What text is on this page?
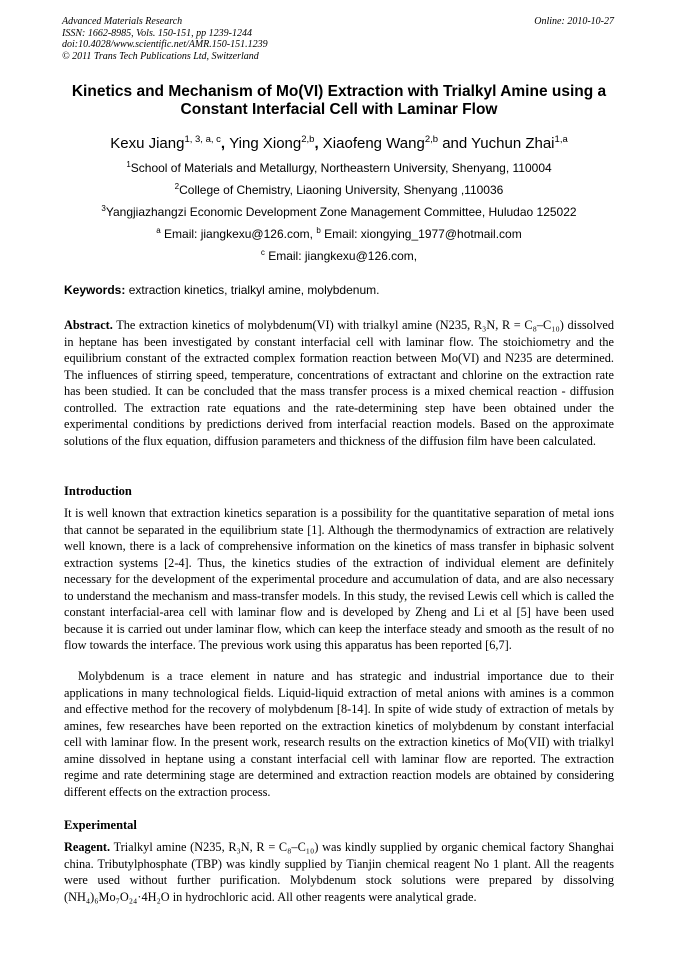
Advanced Materials Research
ISSN: 1662-8985, Vols. 150-151, pp 1239-1244
doi:10.4028/www.scientific.net/AMR.150-151.1239
© 2011 Trans Tech Publications Ltd, Switzerland
Online: 2010-10-27
Kinetics and Mechanism of Mo(VI) Extraction with Trialkyl Amine using a Constant Interfacial Cell with Laminar Flow
Kexu Jiang$^{1, 3, a, c}$, Ying Xiong$^{2,b}$, Xiaofeng Wang$^{2,b}$ and Yuchun Zhai$^{1,a}$
$^1$School of Materials and Metallurgy, Northeastern University, Shenyang, 110004
$^2$College of Chemistry, Liaoning University, Shenyang ,110036
$^3$Yangjiazhangzi Economic Development Zone Management Committee, Huludao 125022
$^a$ Email: jiangkexu@126.com, $^b$ Email: xiongying_1977@hotmail.com
$^c$ Email: jiangkexu@126.com,
Keywords: extraction kinetics, trialkyl amine, molybdenum.
Abstract. The extraction kinetics of molybdenum(VI) with trialkyl amine (N235, R₃N, R = C₈–C₁₀) dissolved in heptane has been investigated by constant interfacial cell with laminar flow. The stoichiometry and the equilibrium constant of the extracted complex formation reaction between Mo(VI) and N235 are determined. The influences of stirring speed, temperature, concentrations of extractant and chlorine on the extraction rate has been studied. It can be concluded that the mass transfer process is a mixed chemical reaction - diffusion controlled. The extraction rate equations and the rate-determining step have been obtained under the experimental conditions by predictions derived from interfacial reaction models. Based on the approximate solutions of the flux equation, diffusion parameters and thickness of the diffusion film have been calculated.
Introduction
It is well known that extraction kinetics separation is a possibility for the quantitative separation of metal ions that cannot be separated in the equilibrium state [1]. Although the thermodynamics of extraction are relatively well known, there is a lack of comprehensive information on the kinetics of mass transfer in biphasic solvent extraction systems [2-4]. Thus, the kinetics studies of the extraction of individual element are definitely necessary for the development of the experimental procedure and accumulation of data, and are also necessary to understand the mechanism and mass-transfer models. In this study, the revised Lewis cell which is called the constant interfacial-area cell with laminar flow and is developed by Zheng and Li et al [5] have been used because it is carried out under laminar flow, which can keep the interface steady and smooth as the result of no flow towards the interface. The previous work using this apparatus has been reported [6,7].
Molybdenum is a trace element in nature and has strategic and industrial importance due to their applications in many technological fields. Liquid-liquid extraction of metal anions with amines is a common and effective method for the recovery of molybdenum [8-14]. In spite of wide study of extraction of metals by amines, few researches have been reported on the extraction kinetics of molybdenum by constant interfacial cell with laminar flow. In the present work, research results on the extraction kinetics of Mo(VII) with trialkyl amine dissolved in heptane using a constant interfacial cell with laminar flow are reported. The extraction regime and rate determining stage are determined and extraction reaction models are obtained by considering different effects on the extraction process.
Experimental
Reagent. Trialkyl amine (N235, R₃N, R = C₈–C₁₀) was kindly supplied by organic chemical factory Shanghai china. Tributylphosphate (TBP) was kindly supplied by Tianjin chemical reagent No 1 plant. All the reagents were used without further purification. Molybdenum stock solutions were prepared by dissolving (NH₄)₆Mo₇O₂₄·4H₂O in hydrochloric acid. All other reagents were analytical grade.
